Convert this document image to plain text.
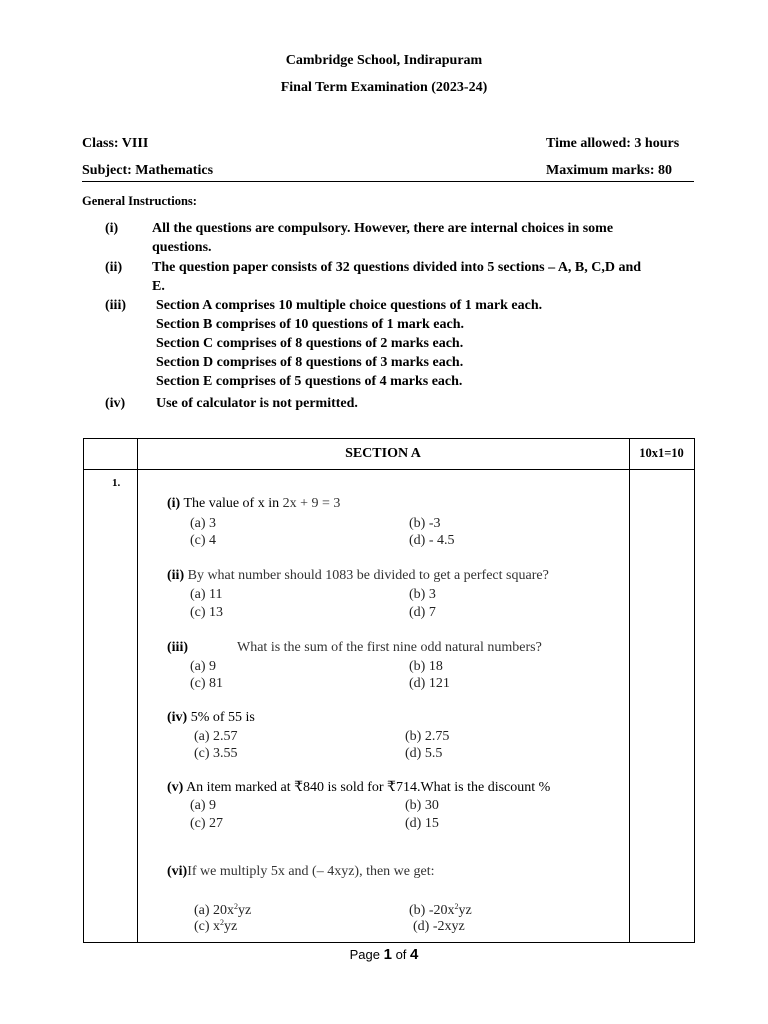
Cambridge School, Indirapuram
Final Term Examination (2023-24)
Class: VIII	Time allowed: 3 hours
Subject: Mathematics	Maximum marks: 80
General Instructions:
(i) All the questions are compulsory. However, there are internal choices in some
questions.
(ii) The question paper consists of 32 questions divided into 5 sections – A, B, C,D and
E.
(iii) Section A comprises 10 multiple choice questions of 1 mark each.
Section B comprises of 10 questions of 1 mark each.
Section C comprises of 8 questions of 2 marks each.
Section D comprises of 8 questions of 3 marks each.
Section E comprises of 5 questions of 4 marks each.
(iv) Use of calculator is not permitted.
SECTION A	10x1=10
1.
(i) The value of x in 2x + 9 = 3
(a) 3	(b) -3
(c) 4	(d) - 4.5
(ii) By what number should 1083 be divided to get a perfect square?
(a) 11	(b) 3
(c) 13	(d) 7
(iii)	What is the sum of the first nine odd natural numbers?
(a) 9	(b) 18
(c) 81	(d) 121
(iv) 5% of 55 is
(a) 2.57	(b) 2.75
(c) 3.55	(d) 5.5
(v) An item marked at ₹840 is sold for ₹714.What is the discount %
(a) 9	(b) 30
(c) 27	(d) 15
(vi)If we multiply 5x and (– 4xyz), then we get:
(a) $20x^2yz$	(b) $-20x^2yz$
(c) $x^2yz$	(d) -2xyz
Page 1 of 4
